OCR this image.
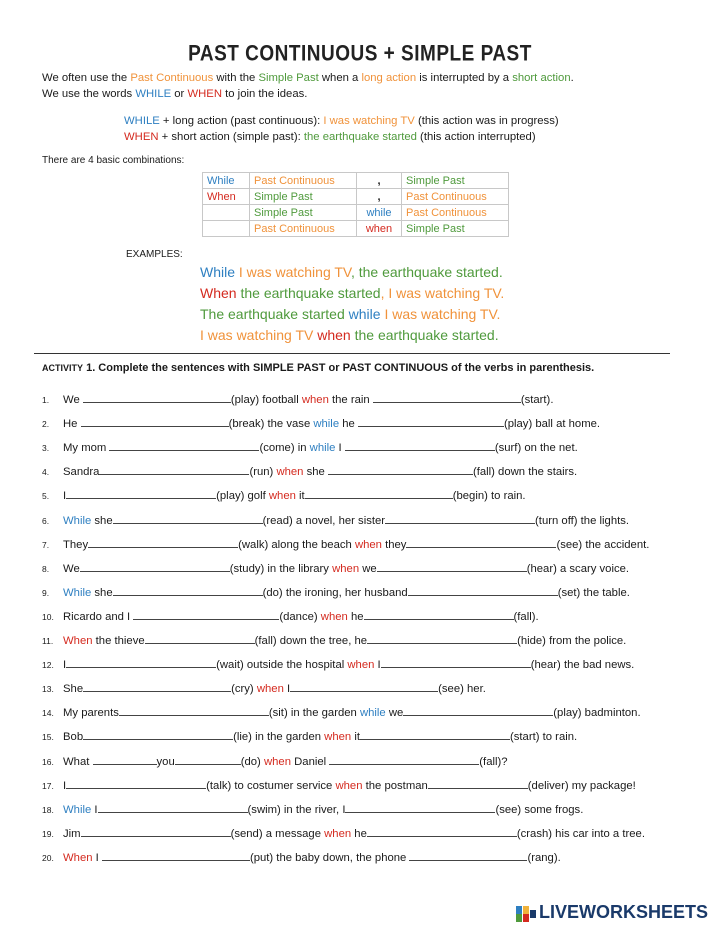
PAST CONTINUOUS + SIMPLE PAST
We often use the Past Continuous with the Simple Past when a long action is interrupted by a short action.
We use the words WHILE or WHEN to join the ideas.
WHILE + long action (past continuous): I was watching TV (this action was in progress)
WHEN + short action (simple past): the earthquake started (this action interrupted)
There are 4 basic combinations:
While	Past Continuous	,	Simple Past
When	Simple Past	,	Past Continuous
	Simple Past	while	Past Continuous
	Past Continuous	when	Simple Past
EXAMPLES:
While I was watching TV, the earthquake started.
When the earthquake started, I was watching TV.
The earthquake started while I was watching TV.
I was watching TV when the earthquake started.
ACTIVITY 1. Complete the sentences with SIMPLE PAST or PAST CONTINUOUS of the verbs in parenthesis.
1. We	(play) football when the rain	(start).
2. He	(break) the vase while he	(play) ball at home.
3. My mom	(come) in while I	(surf) on the net.
4. Sandra	(run) when she	(fall) down the stairs.
5. I	(play) golf when it	(begin) to rain.
6. While she	(read) a novel, her sister	(turn off) the lights.
7. They	(walk) along the beach when they	(see) the accident.
8. We	(study) in the library when we	(hear) a scary voice.
9. While she	(do) the ironing, her husband	(set) the table.
10. Ricardo and I	(dance) when he	(fall).
11. When the thieve	(fall) down the tree, he	(hide) from the police.
12. I	(wait) outside the hospital when I	(hear) the bad news.
13. She	(cry) when I	(see) her.
14. My parents	(sit) in the garden while we	(play) badminton.
15. Bob	(lie) in the garden when it	(start) to rain.
16. What	you	(do) when Daniel	(fall)?
17. I	(talk) to costumer service when the postman	(deliver) my package!
18. While I	(swim) in the river, I	(see) some frogs.
19. Jim	(send) a message when he	(crash) his car into a tree.
20. When I	(put) the baby down, the phone	(rang).
LIVEWORKSHEETS
